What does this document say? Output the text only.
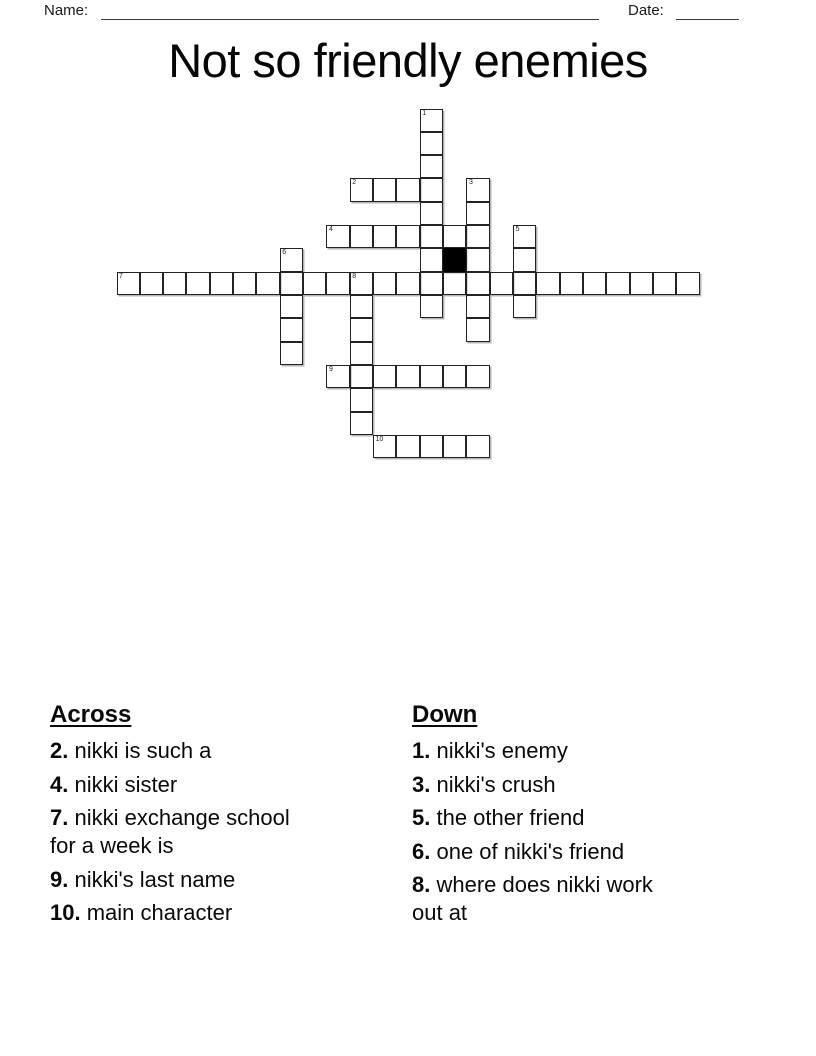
Name:	Date:
Not so friendly enemies
1
2	3
4	5
6
7	8
9
10
Across

2. nikki is such a

4. nikki sister

7. nikki exchange school for a week is

9. nikki's last name

10. main character

Down

1. nikki's enemy

3. nikki's crush

5. the other friend

6. one of nikki's friend

8. where does nikki work out at
